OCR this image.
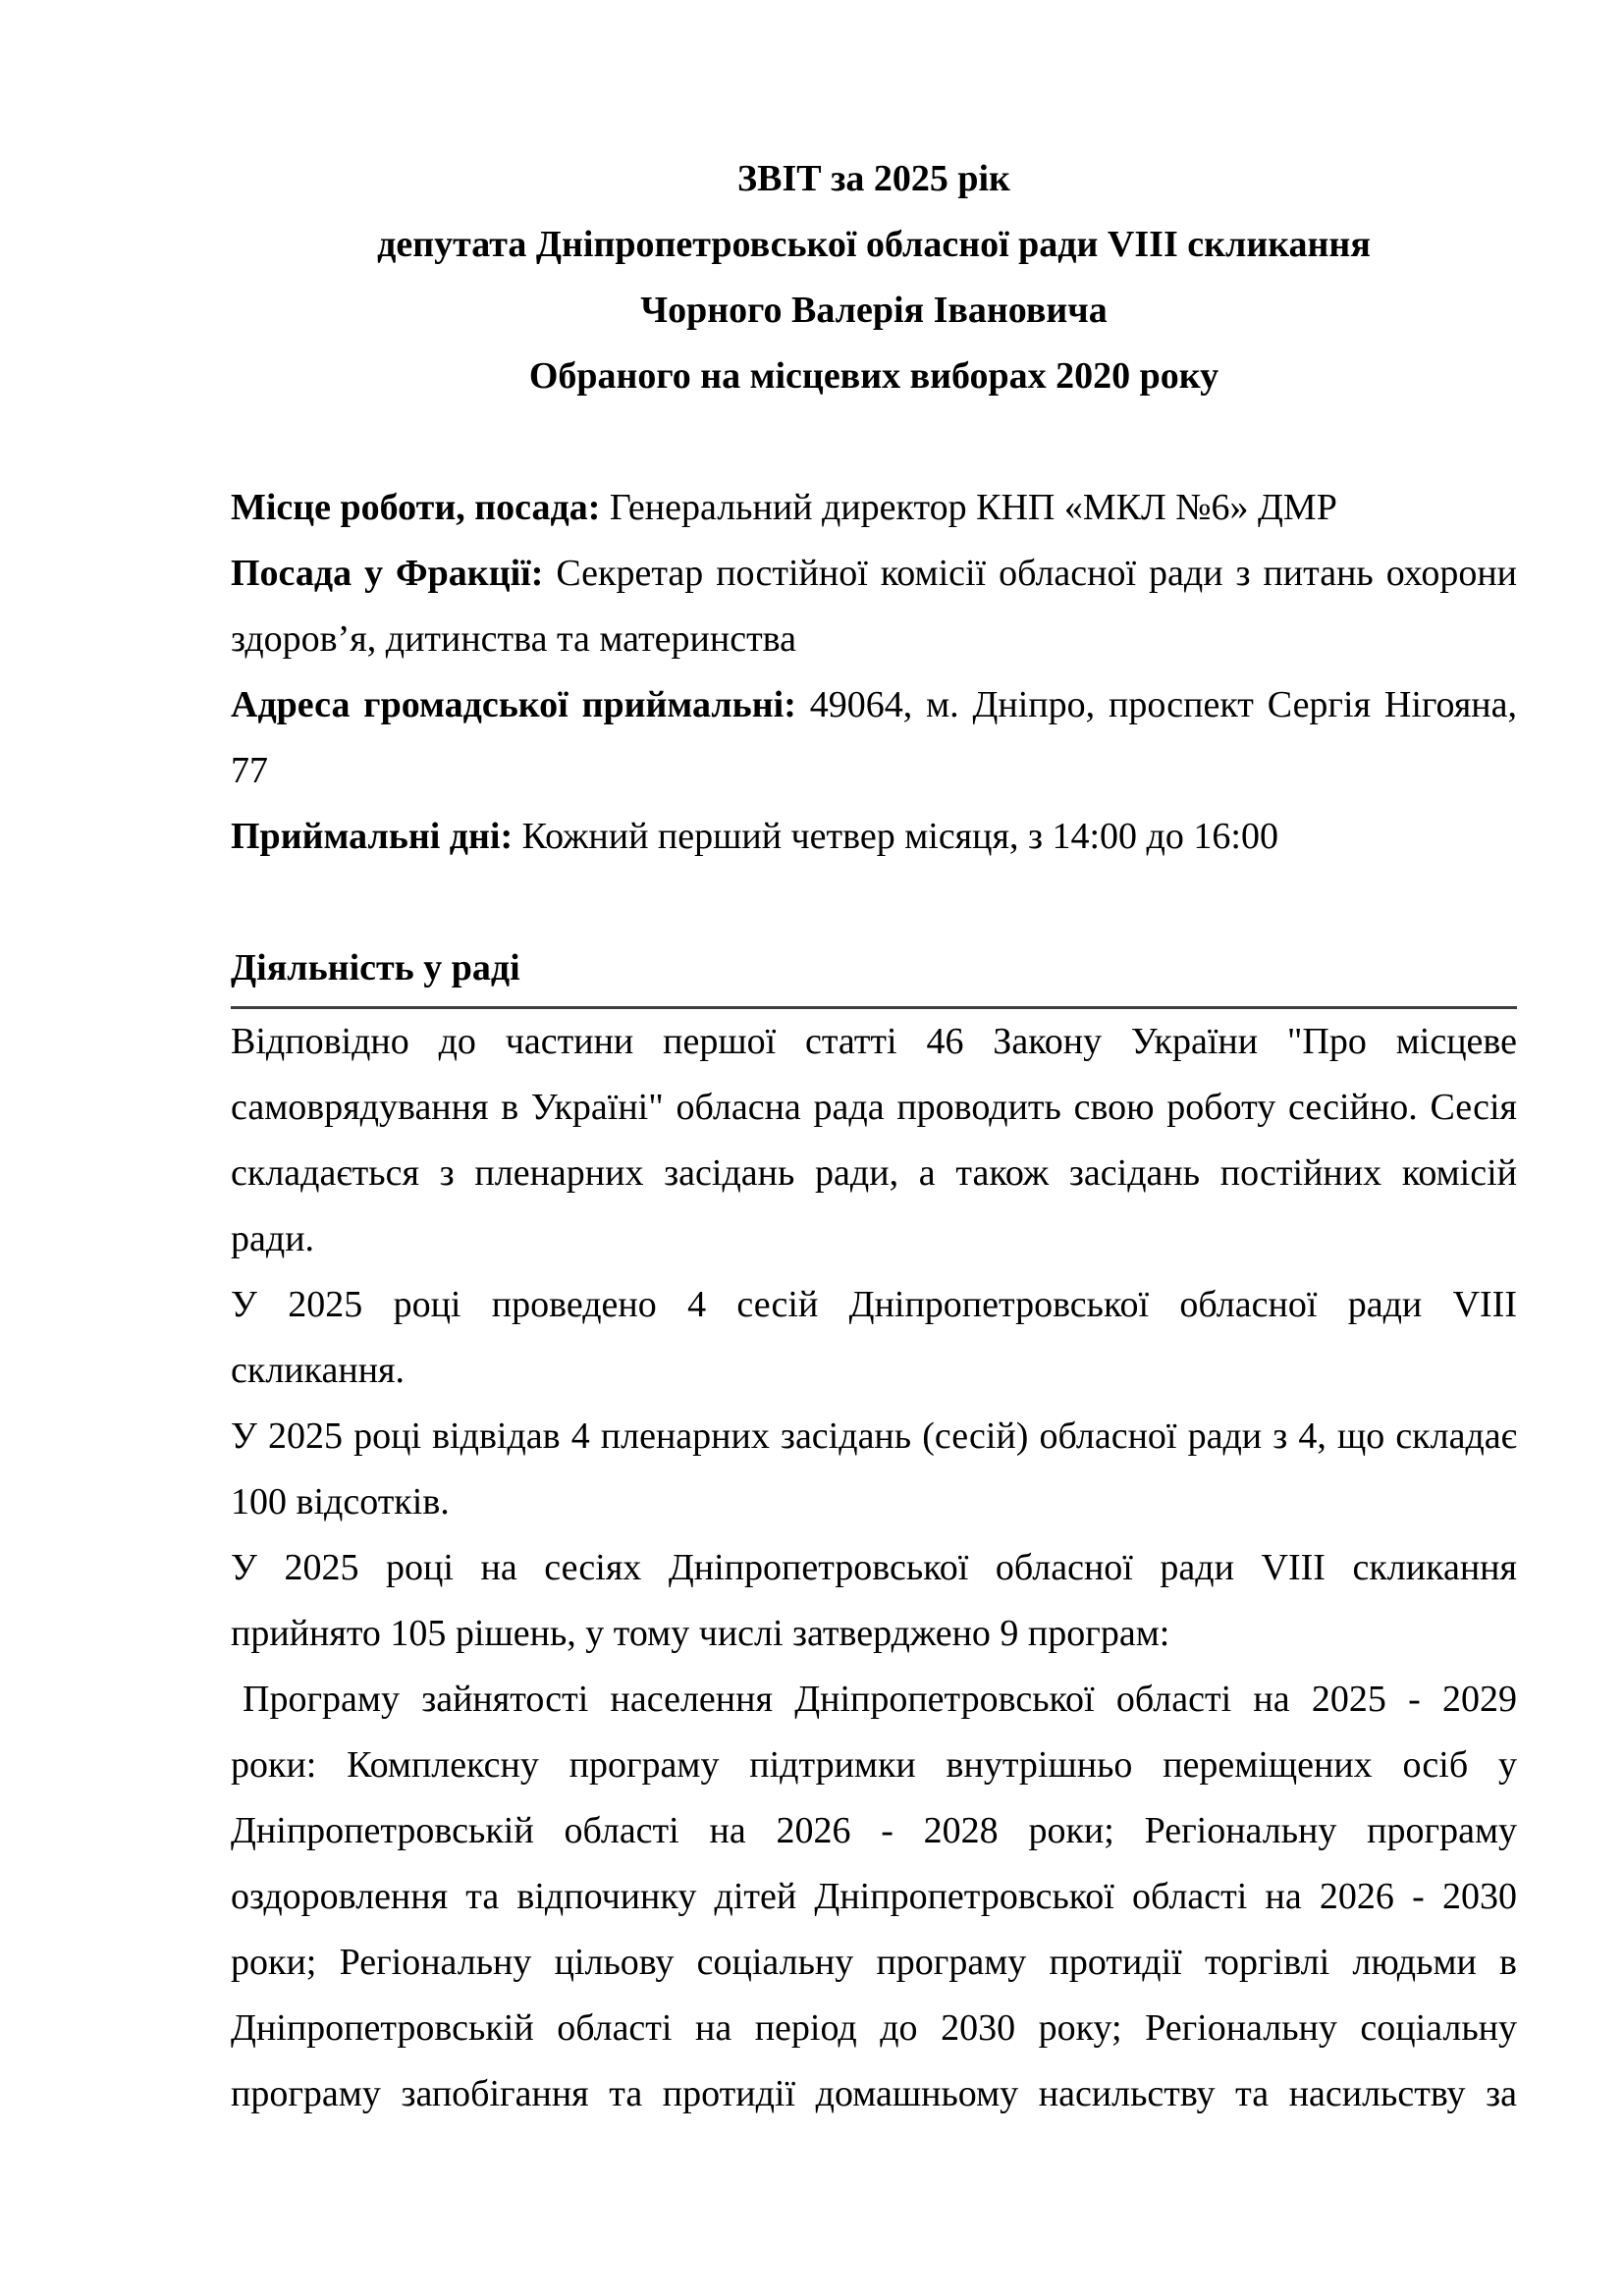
ЗВІТ за 2025 рік
депутата Дніпропетровської обласної ради VIII скликання
Чорного Валерія Івановича
Обраного на місцевих виборах 2020 року
Місце роботи, посада: Генеральний директор КНП «МКЛ №6» ДМР
Посада у Фракції: Секретар постійної комісії обласної ради з питань охорони
здоров’я, дитинства та материнства
Адреса громадської приймальні: 49064, м. Дніпро, проспект Сергія Нігояна,
77
Приймальні дні: Кожний перший четвер місяця, з 14:00 до 16:00
Діяльність у раді
Відповідно до частини першої статті 46 Закону України "Про місцеве
самоврядування в Україні" обласна рада проводить свою роботу сесійно. Сесія
складається з пленарних засідань ради, а також засідань постійних комісій
ради.
У 2025 році проведено 4 сесій Дніпропетровської обласної ради VIII
скликання.
У 2025 році відвідав 4 пленарних засідань (сесій) обласної ради з 4, що складає
100 відсотків.
У 2025 році на сесіях Дніпропетровської обласної ради VIII скликання
прийнято 105 рішень, у тому числі затверджено 9 програм:
Програму зайнятості населення Дніпропетровської області на 2025 - 2029
роки: Комплексну програму підтримки внутрішньо переміщених осіб у
Дніпропетровській області на 2026 - 2028 роки; Регіональну програму
оздоровлення та відпочинку дітей Дніпропетровської області на 2026 - 2030
роки; Регіональну цільову соціальну програму протидії торгівлі людьми в
Дніпропетровській області на період до 2030 року; Регіональну соціальну
програму запобігання та протидії домашньому насильству та насильству за
